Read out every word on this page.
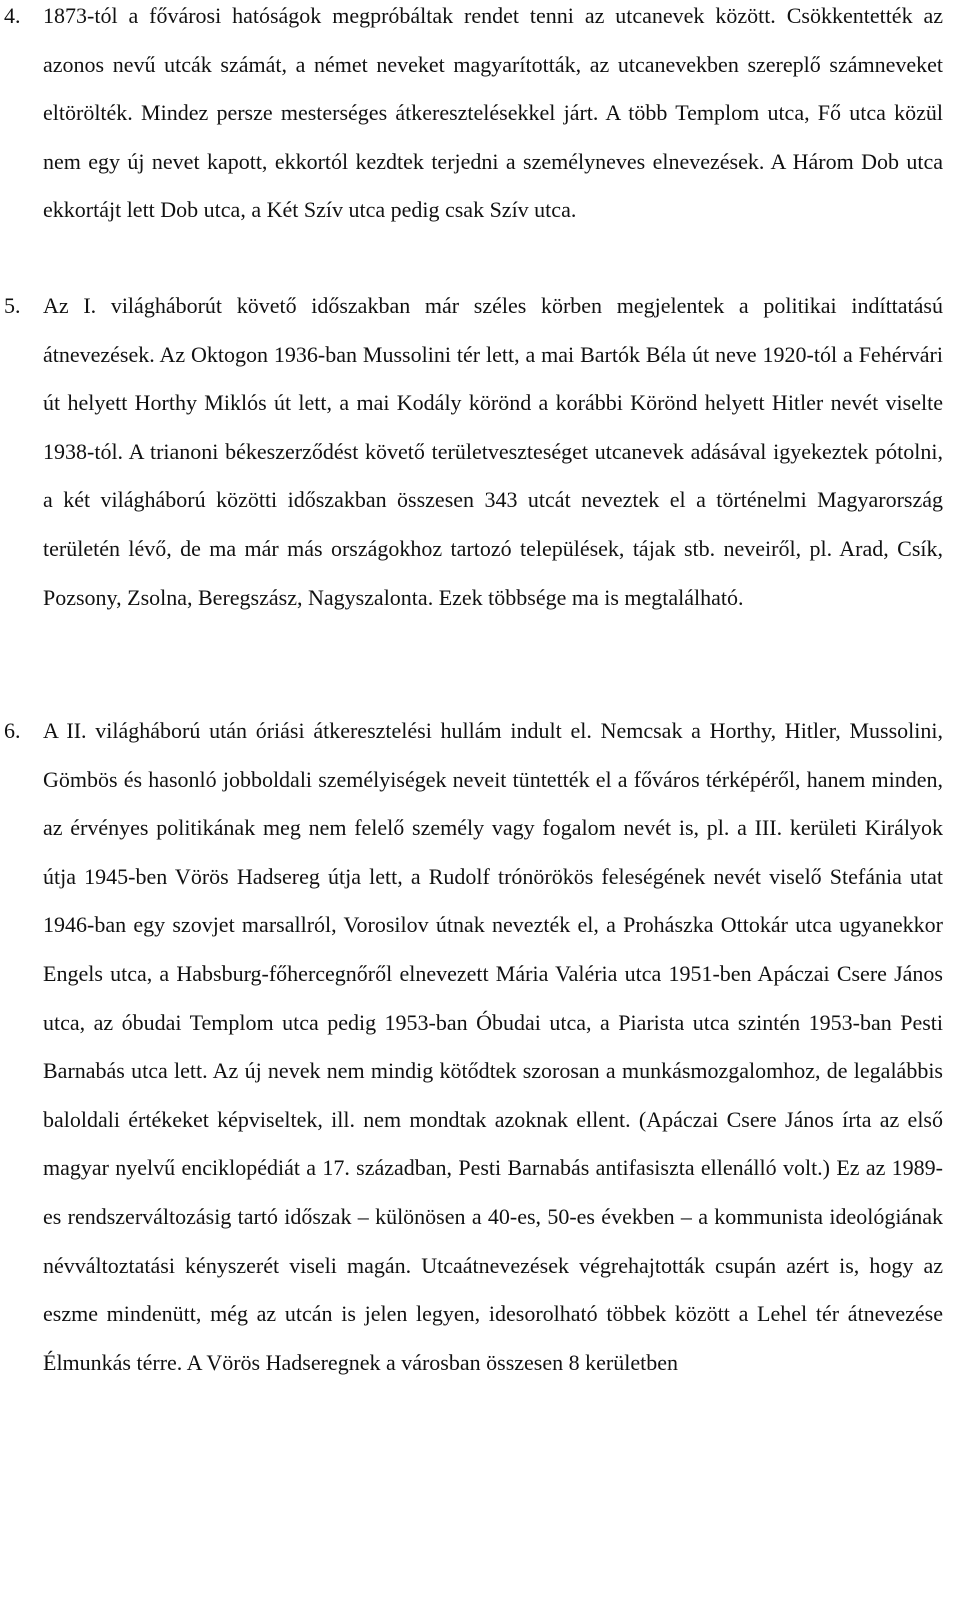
4. 1873-tól a fővárosi hatóságok megpróbáltak rendet tenni az utcanevek között. Csökkentették az azonos nevű utcák számát, a német neveket magyarították, az utcanevekben szereplő számneveket eltörölték. Mindez persze mesterséges átkeresztelésekkel járt. A több Templom utca, Fő utca közül nem egy új nevet kapott, ekkortól kezdtek terjedni a személyneves elnevezések. A Három Dob utca ekkortájt lett Dob utca, a Két Szív utca pedig csak Szív utca.

5. Az I. világháborút követő időszakban már széles körben megjelentek a politikai indíttatású átnevezések. Az Oktogon 1936-ban Mussolini tér lett, a mai Bartók Béla út neve 1920-tól a Fehérvári út helyett Horthy Miklós út lett, a mai Kodály körönd a korábbi Körönd helyett Hitler nevét viselte 1938-tól. A trianoni békeszerződést követő területveszteséget utcanevek adásával igyekeztek pótolni, a két világháború közötti időszakban összesen 343 utcát neveztek el a történelmi Magyarország területén lévő, de ma már más országokhoz tartozó települések, tájak stb. neveiről, pl. Arad, Csík, Pozsony, Zsolna, Beregszász, Nagyszalonta. Ezek többsége ma is megtalálható.

6. A II. világháború után óriási átkeresztelési hullám indult el. Nemcsak a Horthy, Hitler, Mussolini, Gömbös és hasonló jobboldali személyiségek neveit tüntették el a főváros térképéről, hanem minden, az érvényes politikának meg nem felelő személy vagy fogalom nevét is, pl. a III. kerületi Királyok útja 1945-ben Vörös Hadsereg útja lett, a Rudolf trónörökös feleségének nevét viselő Stefánia utat 1946-ban egy szovjet marsallról, Vorosilov útnak nevezték el, a Prohászka Ottokár utca ugyanekkor Engels utca, a Habsburg-főhercegnőről elnevezett Mária Valéria utca 1951-ben Apáczai Csere János utca, az óbudai Templom utca pedig 1953-ban Óbudai utca, a Piarista utca szintén 1953-ban Pesti Barnabás utca lett. Az új nevek nem mindig kötődtek szorosan a munkásmozgalomhoz, de legalábbis baloldali értékeket képviseltek, ill. nem mondtak azoknak ellent. (Apáczai Csere János írta az első magyar nyelvű enciklopédiát a 17. században, Pesti Barnabás antifasiszta ellenálló volt.) Ez az 1989-es rendszerváltozásig tartó időszak – különösen a 40-es, 50-es években – a kommunista ideológiának névváltoztatási kényszerét viseli magán. Utcaátnevezések végrehajtották csupán azért is, hogy az eszme mindenütt, még az utcán is jelen legyen, idesorolható többek között a Lehel tér átnevezése Élmunkás térre. A Vörös Hadseregnek a városban összesen 8 kerületben
